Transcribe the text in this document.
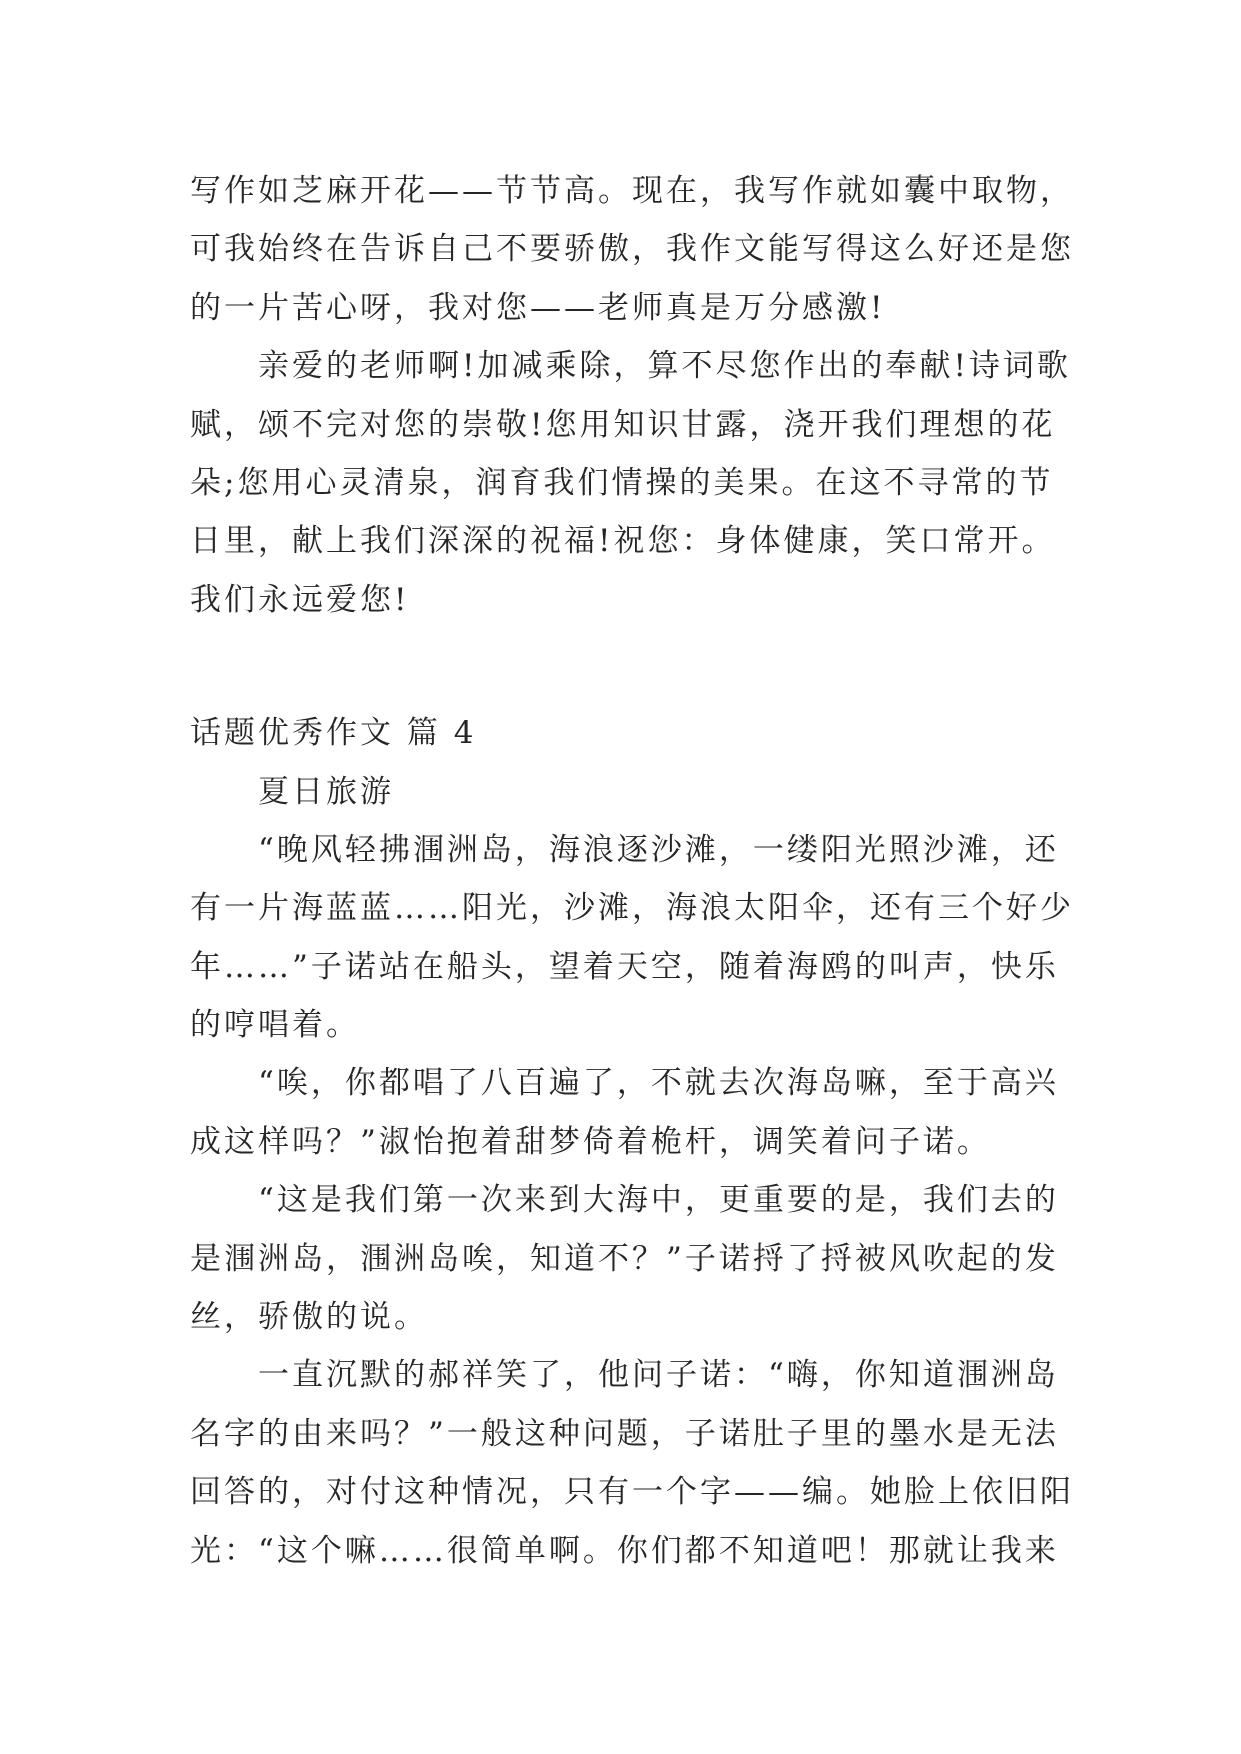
写作如芝麻开花——节节高。现在，我写作就如囊中取物，
可我始终在告诉自己不要骄傲，我作文能写得这么好还是您
的一片苦心呀，我对您——老师真是万分感激!
亲爱的老师啊!加减乘除，算不尽您作出的奉献!诗词歌
赋，颂不完对您的崇敬!您用知识甘露，浇开我们理想的花
朵;您用心灵清泉，润育我们情操的美果。在这不寻常的节
日里，献上我们深深的祝福!祝您：身体健康，笑口常开。
我们永远爱您!
话题优秀作文 篇 4
夏日旅游
“晚风轻拂涠洲岛，海浪逐沙滩，一缕阳光照沙滩，还
有一片海蓝蓝……阳光，沙滩，海浪太阳伞，还有三个好少
年……”子诺站在船头，望着天空，随着海鸥的叫声，快乐
的哼唱着。
“唉，你都唱了八百遍了，不就去次海岛嘛，至于高兴
成这样吗？”淑怡抱着甜梦倚着桅杆，调笑着问子诺。
“这是我们第一次来到大海中，更重要的是，我们去的
是涠洲岛，涠洲岛唉，知道不？”子诺捋了捋被风吹起的发
丝，骄傲的说。
一直沉默的郝祥笑了，他问子诺：“嗨，你知道涠洲岛
名字的由来吗？”一般这种问题，子诺肚子里的墨水是无法
回答的，对付这种情况，只有一个字——编。她脸上依旧阳
光：“这个嘛……很简单啊。你们都不知道吧！那就让我来
